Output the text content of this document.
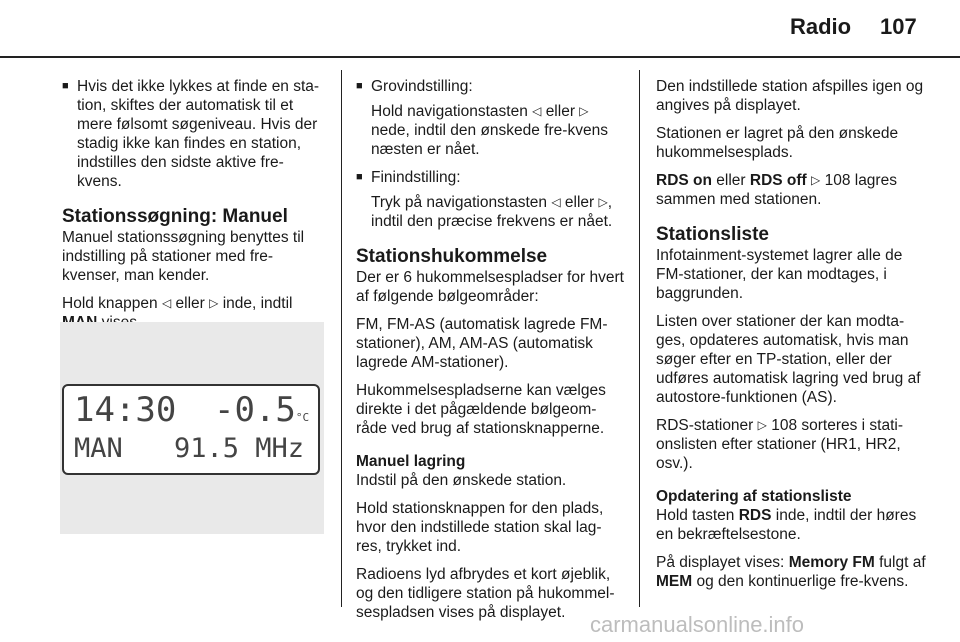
Radio 107

■ Hvis det ikke lykkes at finde en sta-tion, skiftes der automatisk til et mere følsomt søgeniveau. Hvis der stadig ikke kan findes en station, indstilles den sidste aktive fre-kvens.

Stationssøgning: Manuel

Manuel stationssøgning benyttes til indstilling på stationer med fre-kvenser, man kender.

Hold knappen ◁ eller ▷ inde, indtil

14:30 -0.5°C
MAN 91.5 MHz
■ Grovindstilling:
Hold navigationstasten ◁ eller ▷ nede, indtil den ønskede fre-kvens næsten er nået.
■ Finindstilling:
Tryk på navigationstasten ◁ eller ▷, indtil den præcise frekvens er nået.
Stationshukommelse

Der er 6 hukommelsespladser for hvert af følgende bølgeområder:

FM, FM-AS (automatisk lagrede FM-stationer), AM, AM-AS (automatisk lagrede AM-stationer).

Hukommelsespladserne kan vælges direkte i det pågældende bølgeom-råde ved brug af stationsknapperne.

Manuel lagring

Indstil på den ønskede station.

Hold stationsknappen for den plads, hvor den indstillede station skal lag-res, trykket ind.

Radioens lyd afbrydes et kort øjeblik, og den tidligere station på hukommel-sespladsen vises på displayet.

Den indstillede station afspilles igen og angives på displayet.

Stationen er lagret på den ønskede hukommelsesplads.

RDS on eller RDS off ▷ 108 lagres sammen med stationen.

Stationsliste

Infotainment-systemet lagrer alle de FM-stationer, der kan modtages, i baggrunden.

Listen over stationer der kan modta-ges, opdateres automatisk, hvis man søger efter en TP-station, eller der udføres automatisk lagring ved brug af autostore-funktionen (AS).

RDS-stationer ▷ 108 sorteres i stati-onslisten efter stationer (HR1, HR2, osv.).

Opdatering af stationsliste

Hold tasten RDS inde, indtil der høres en bekræftelsestone.

På displayet vises: Memory FM fulgt af MEM og den kontinuerlige fre-kvens.

carmanualsonline.info
